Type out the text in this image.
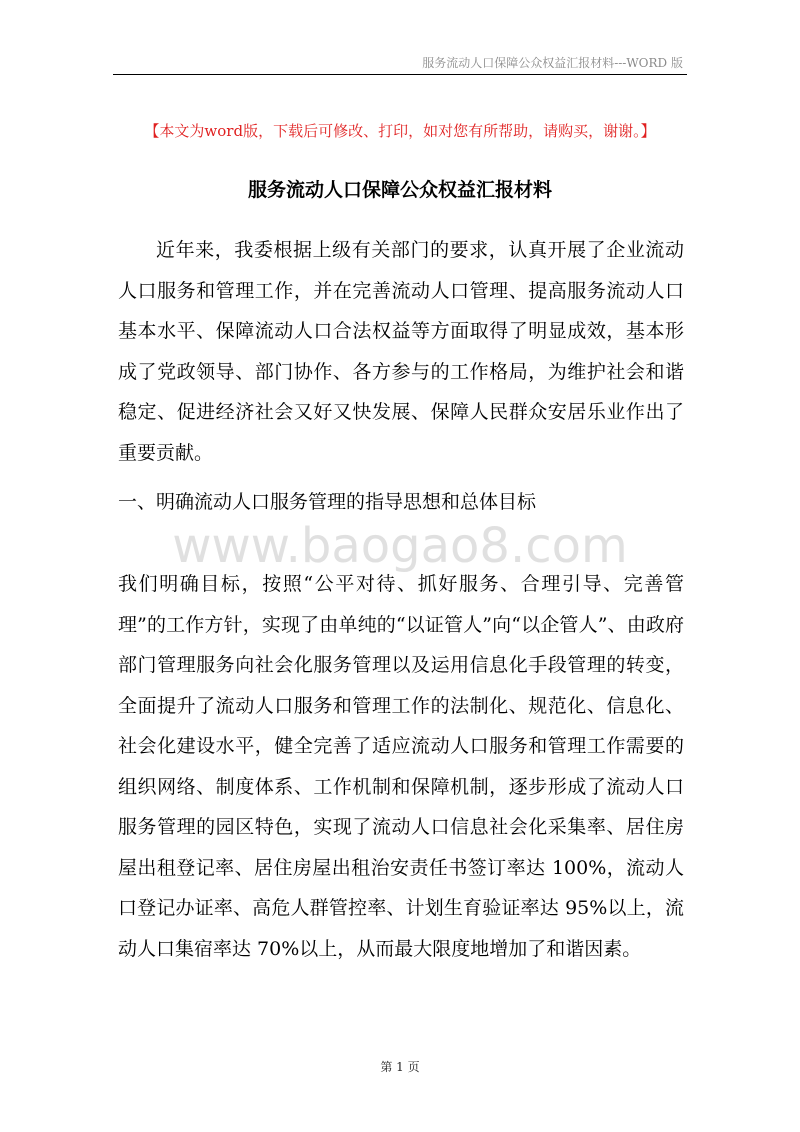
服务流动人口保障公众权益汇报材料---WORD 版
【本文为word版，下载后可修改、打印，如对您有所帮助，请购买，谢谢。】
服务流动人口保障公众权益汇报材料

近年来，我委根据上级有关部门的要求，认真开展了企业流动人口服务和管理工作，并在完善流动人口管理、提高服务流动人口基本水平、保障流动人口合法权益等方面取得了明显成效，基本形成了党政领导、部门协作、各方参与的工作格局，为维护社会和谐稳定、促进经济社会又好又快发展、保障人民群众安居乐业作出了重要贡献。

一、明确流动人口服务管理的指导思想和总体目标
www.baogao8.com

我们明确目标，按照“公平对待、抓好服务、合理引导、完善管理”的工作方针，实现了由单纯的“以证管人”向“以企管人”、由政府部门管理服务向社会化服务管理以及运用信息化手段管理的转变，全面提升了流动人口服务和管理工作的法制化、规范化、信息化、社会化建设水平，健全完善了适应流动人口服务和管理工作需要的组织网络、制度体系、工作机制和保障机制，逐步形成了流动人口服务管理的园区特色，实现了流动人口信息社会化采集率、居住房屋出租登记率、居住房屋出租治安责任书签订率达 100%，流动人口登记办证率、高危人群管控率、计划生育验证率达 95%以上，流动人口集宿率达 70%以上，从而最大限度地增加了和谐因素。

第 1 页
